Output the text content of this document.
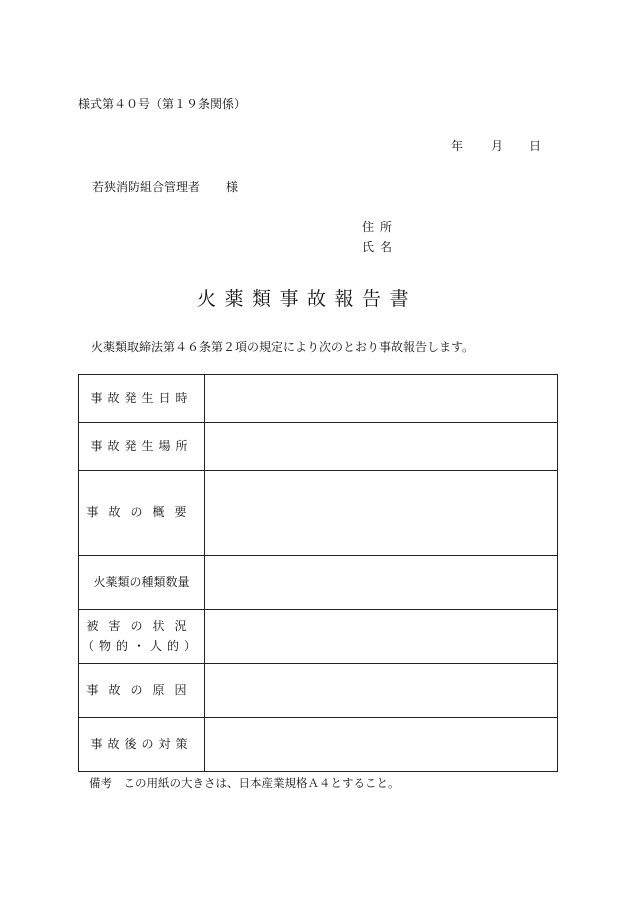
様式第４０号（第１９条関係）
年 月 日
若狭消防組合管理者 様
住所
氏名
火薬類事故報告書
火薬類取締法第４６条第２項の規定により次のとおり事故報告します。
事故発生日時	
事故発生場所	
事故の概要	
火薬類の種類数量	

被害の状況
（物的・人的）	

事故の原因	
事故後の対策	
備考　この用紙の大きさは、日本産業規格Ａ４とすること。
